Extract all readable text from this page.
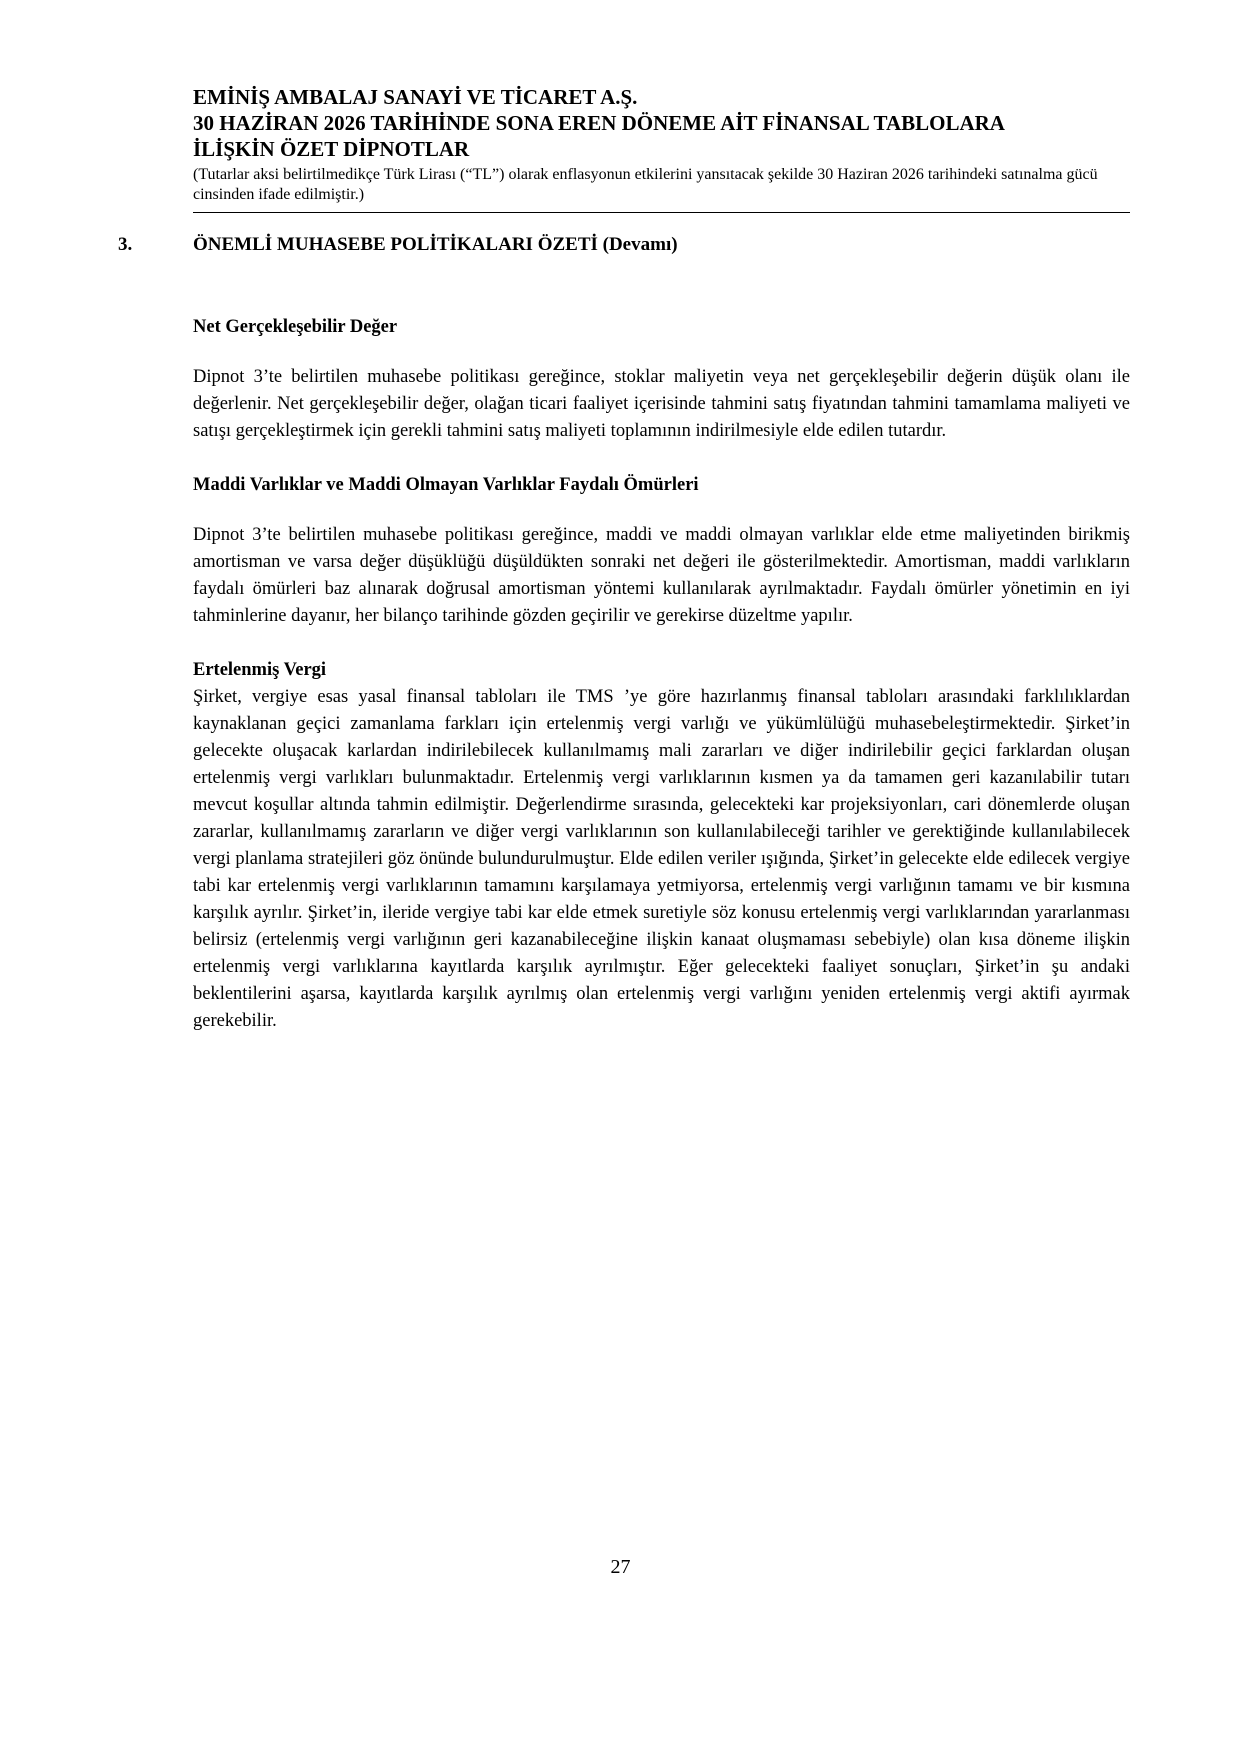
EMİNİŞ AMBALAJ SANAYİ VE TİCARET A.Ş.
30 HAZİRAN 2026 TARİHİNDE SONA EREN DÖNEME AİT FİNANSAL TABLOLARA
İLİŞKİN ÖZET DİPNOTLAR
(Tutarlar aksi belirtilmedikçe Türk Lirası (“TL”) olarak enflasyonun etkilerini yansıtacak şekilde 30 Haziran 2026 tarihindeki satınalma gücü cinsinden ifade edilmiştir.)
3.	ÖNEMLİ MUHASEBE POLİTİKALARI ÖZETİ (Devamı)
Net Gerçekleşebilir Değer

Dipnot 3’te belirtilen muhasebe politikası gereğince, stoklar maliyetin veya net gerçekleşebilir değerin düşük olanı ile değerlenir. Net gerçekleşebilir değer, olağan ticari faaliyet içerisinde tahmini satış fiyatından tahmini tamamlama maliyeti ve satışı gerçekleştirmek için gerekli tahmini satış maliyeti toplamının indirilmesiyle elde edilen tutardır.

Maddi Varlıklar ve Maddi Olmayan Varlıklar Faydalı Ömürleri

Dipnot 3’te belirtilen muhasebe politikası gereğince, maddi ve maddi olmayan varlıklar elde etme maliyetinden birikmiş amortisman ve varsa değer düşüklüğü düşüldükten sonraki net değeri ile gösterilmektedir. Amortisman, maddi varlıkların faydalı ömürleri baz alınarak doğrusal amortisman yöntemi kullanılarak ayrılmaktadır. Faydalı ömürler yönetimin en iyi tahminlerine dayanır, her bilanço tarihinde gözden geçirilir ve gerekirse düzeltme yapılır.

Ertelenmiş Vergi

Şirket, vergiye esas yasal finansal tabloları ile TMS ’ye göre hazırlanmış finansal tabloları arasındaki farklılıklardan kaynaklanan geçici zamanlama farkları için ertelenmiş vergi varlığı ve yükümlülüğü muhasebeleştirmektedir. Şirket’in gelecekte oluşacak karlardan indirilebilecek kullanılmamış mali zararları ve diğer indirilebilir geçici farklardan oluşan ertelenmiş vergi varlıkları bulunmaktadır. Ertelenmiş vergi varlıklarının kısmen ya da tamamen geri kazanılabilir tutarı mevcut koşullar altında tahmin edilmiştir. Değerlendirme sırasında, gelecekteki kar projeksiyonları, cari dönemlerde oluşan zararlar, kullanılmamış zararların ve diğer vergi varlıklarının son kullanılabileceği tarihler ve gerektiğinde kullanılabilecek vergi planlama stratejileri göz önünde bulundurulmuştur. Elde edilen veriler ışığında, Şirket’in gelecekte elde edilecek vergiye tabi kar ertelenmiş vergi varlıklarının tamamını karşılamaya yetmiyorsa, ertelenmiş vergi varlığının tamamı ve bir kısmına karşılık ayrılır. Şirket’in, ileride vergiye tabi kar elde etmek suretiyle söz konusu ertelenmiş vergi varlıklarından yararlanması belirsiz (ertelenmiş vergi varlığının geri kazanabileceğine ilişkin kanaat oluşmaması sebebiyle) olan kısa döneme ilişkin ertelenmiş vergi varlıklarına kayıtlarda karşılık ayrılmıştır. Eğer gelecekteki faaliyet sonuçları, Şirket’in şu andaki beklentilerini aşarsa, kayıtlarda karşılık ayrılmış olan ertelenmiş vergi varlığını yeniden ertelenmiş vergi aktifi ayırmak gerekebilir.

27
